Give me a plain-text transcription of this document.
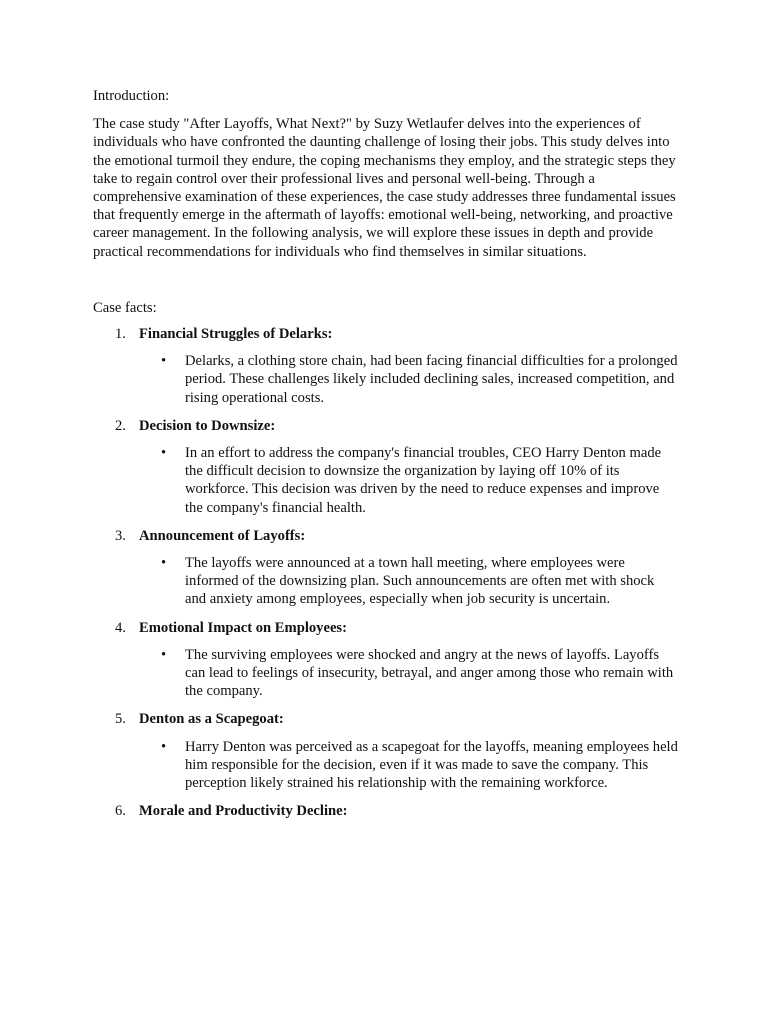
Introduction:

The case study "After Layoffs, What Next?" by Suzy Wetlaufer delves into the experiences of individuals who have confronted the daunting challenge of losing their jobs. This study delves into the emotional turmoil they endure, the coping mechanisms they employ, and the strategic steps they take to regain control over their professional lives and personal well-being. Through a comprehensive examination of these experiences, the case study addresses three fundamental issues that frequently emerge in the aftermath of layoffs: emotional well-being, networking, and proactive career management. In the following analysis, we will explore these issues in depth and provide practical recommendations for individuals who find themselves in similar situations.

Case facts:

1. Financial Struggles of Delarks:
• Delarks, a clothing store chain, had been facing financial difficulties for a prolonged period. These challenges likely included declining sales, increased competition, and rising operational costs.
2. Decision to Downsize:
• In an effort to address the company's financial troubles, CEO Harry Denton made the difficult decision to downsize the organization by laying off 10% of its workforce. This decision was driven by the need to reduce expenses and improve the company's financial health.
3. Announcement of Layoffs:
• The layoffs were announced at a town hall meeting, where employees were informed of the downsizing plan. Such announcements are often met with shock and anxiety among employees, especially when job security is uncertain.
4. Emotional Impact on Employees:
• The surviving employees were shocked and angry at the news of layoffs. Layoffs can lead to feelings of insecurity, betrayal, and anger among those who remain with the company.
5. Denton as a Scapegoat:
• Harry Denton was perceived as a scapegoat for the layoffs, meaning employees held him responsible for the decision, even if it was made to save the company. This perception likely strained his relationship with the remaining workforce.
6. Morale and Productivity Decline:
